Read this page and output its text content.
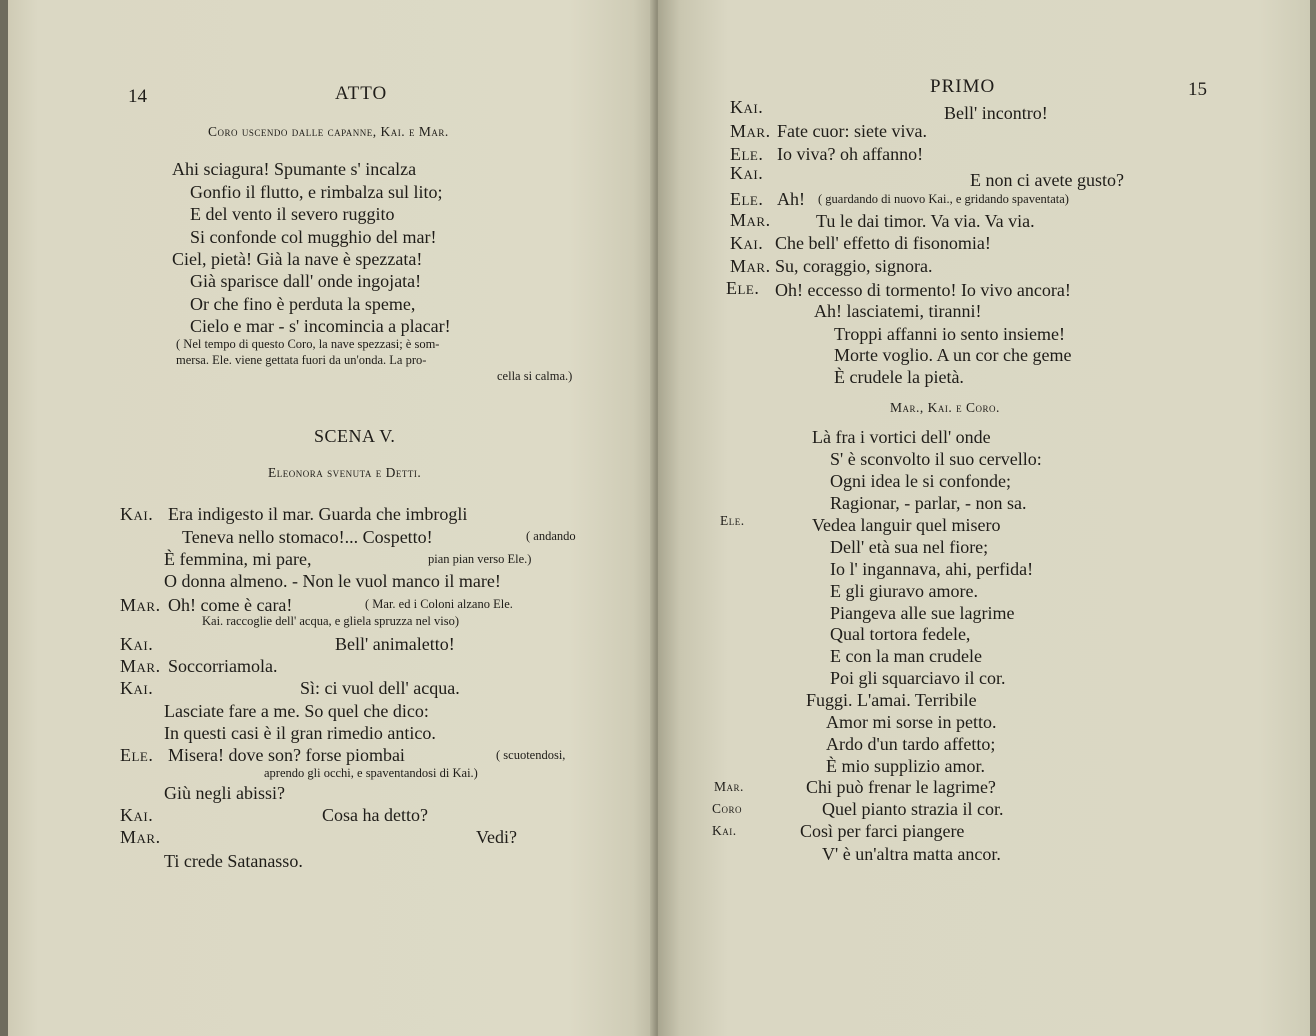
14	ATTO
Coro uscendo dalle capanne, Kai. e Mar.
Ahi sciagura! Spumante s' incalza
Gonfio il flutto, e rimbalza sul lito;
E del vento il severo ruggito
Si confonde col mugghio del mar!
Ciel, pietà! Già la nave è spezzata!
Già sparisce dall' onde ingojata!
Or che fino è perduta la speme,
Cielo e mar - s' incomincia a placar!
( Nel tempo di questo Coro, la nave spezzasi; è som-
mersa. Ele. viene gettata fuori da un'onda. La pro-
cella si calma.)
SCENA V.
Eleonora svenuta e Detti.
Kai. Era indigesto il mar. Guarda che imbrogli
Teneva nello stomaco!... Cospetto!	( andando
È femmina, mi pare,	pian pian verso Ele.)
O donna almeno. - Non le vuol manco il mare!
Mar. Oh! come è cara!	( Mar. ed i Coloni alzano Ele.
Kai. raccoglie dell' acqua, e gliela spruzza nel viso)
Kai.	Bell' animaletto!
Mar. Soccorriamola.
Kai.	Sì: ci vuol dell' acqua.
Lasciate fare a me. So quel che dico:
In questi casi è il gran rimedio antico.
Ele. Misera! dove son? forse piombai	( scuotendosi,
aprendo gli occhi, e spaventandosi di Kai.)
Giù negli abissi?
Kai.	Cosa ha detto?
Mar.	Vedi?
Ti crede Satanasso.
PRIMO	15
Kai.	Bell' incontro!
Mar. Fate cuor: siete viva.
Ele. Io viva? oh affanno!
Kai.	E non ci avete gusto?
Ele. Ah! ( guardando di nuovo Kai., e gridando spaventata)
Mar.	Tu le dai timor. Va via. Va via.
Kai. Che bell' effetto di fisonomia!
Mar. Su, coraggio, signora.
Ele. Oh! eccesso di tormento! Io vivo ancora!
Ah! lasciatemi, tiranni!
Troppi affanni io sento insieme!
Morte voglio. A un cor che geme
È crudele la pietà.
Mar., Kai. e Coro.
Là fra i vortici dell' onde
S' è sconvolto il suo cervello:
Ogni idea le si confonde;
Ragionar, - parlar, - non sa.
Ele.	Vedea languir quel misero
Dell' età sua nel fiore;
Io l' ingannava, ahi, perfida!
E gli giuravo amore.
Piangeva alle sue lagrime
Qual tortora fedele,
E con la man crudele
Poi gli squarciavo il cor.
Fuggi. L'amai. Terribile
Amor mi sorse in petto.
Ardo d'un tardo affetto;
È mio supplizio amor.
Mar.	Chi può frenar le lagrime?
Coro	Quel pianto strazia il cor.
Kai.	Così per farci piangere
V' è un'altra matta ancor.
